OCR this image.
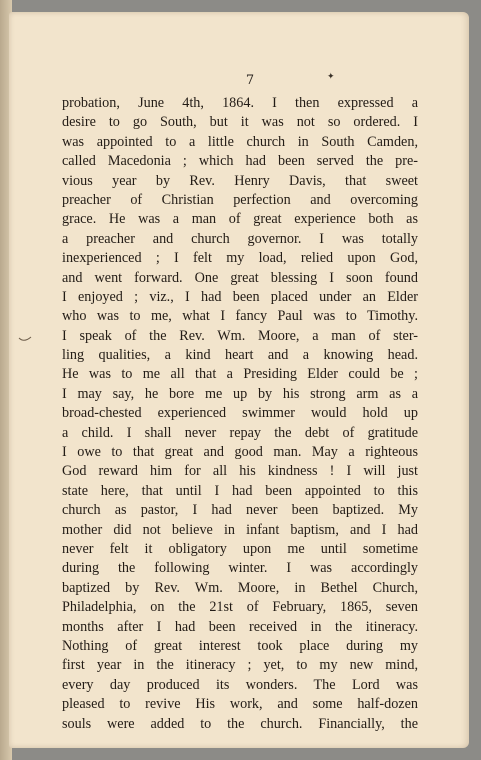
7	✦
probation, June 4th, 1864. I then expressed a
desire to go South, but it was not so ordered. I
was appointed to a little church in South Camden,
called Macedonia ; which had been served the pre-
vious year by Rev. Henry Davis, that sweet
preacher of Christian perfection and overcoming
grace. He was a man of great experience both as
a preacher and church governor. I was totally
inexperienced ; I felt my load, relied upon God,
and went forward. One great blessing I soon found
I enjoyed ; viz., I had been placed under an Elder
who was to me, what I fancy Paul was to Timothy.
I speak of the Rev. Wm. Moore, a man of ster-
ling qualities, a kind heart and a knowing head.
He was to me all that a Presiding Elder could be ;
I may say, he bore me up by his strong arm as a
broad-chested experienced swimmer would hold up
a child. I shall never repay the debt of gratitude
I owe to that great and good man. May a righteous
God reward him for all his kindness ! I will just
state here, that until I had been appointed to this
church as pastor, I had never been baptized. My
mother did not believe in infant baptism, and I had
never felt it obligatory upon me until sometime
during the following winter. I was accordingly
baptized by Rev. Wm. Moore, in Bethel Church,
Philadelphia, on the 21st of February, 1865, seven
months after I had been received in the itineracy.
Nothing of great interest took place during my
first year in the itineracy ; yet, to my new mind,
every day produced its wonders. The Lord was
pleased to revive His work, and some half-dozen
souls were added to the church. Financially, the
